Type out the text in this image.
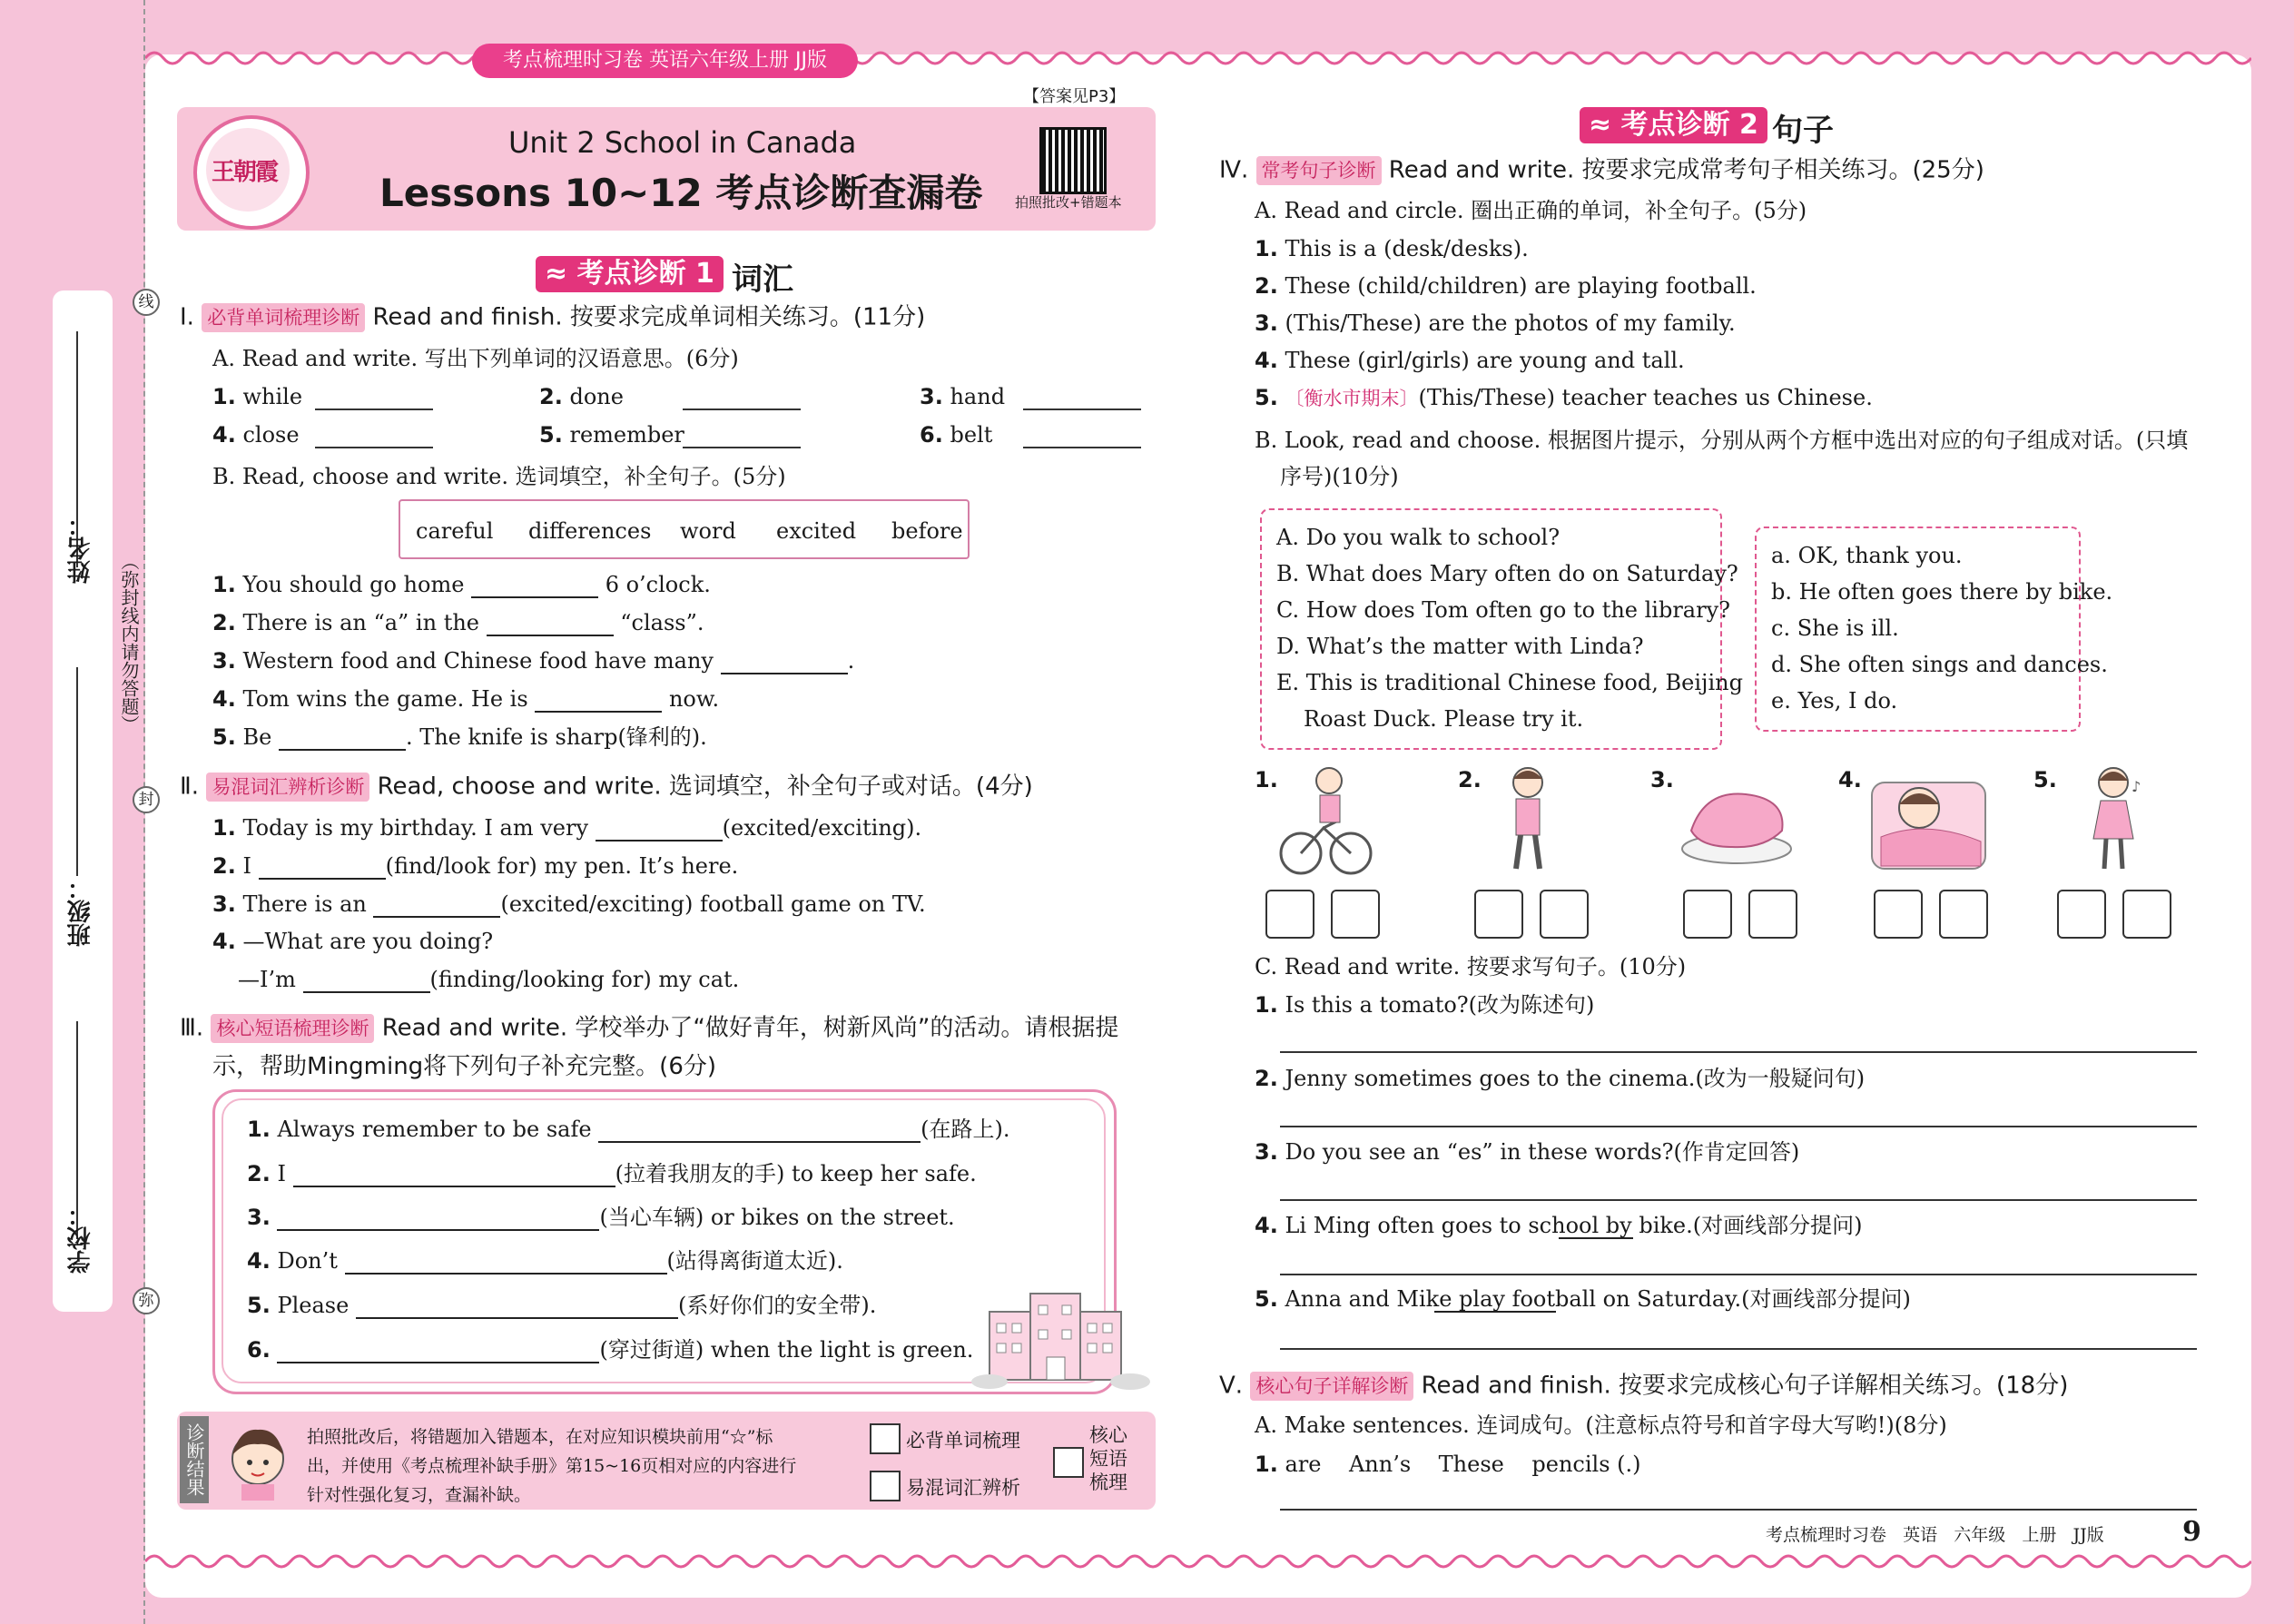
姓名：
班级：
学校：
（弥封线内请勿答题）
线
封
弥
考点梳理时习卷 英语六年级上册 JJ版
王朝霞
Unit 2 School in Canada
Lessons 10~12 考点诊断查漏卷
【答案见P3】
拍照批改+错题本
≈ 考点诊断 1 词汇
Ⅰ. 必背单词梳理诊断 Read and finish. 按要求完成单词相关练习。(11分)
A. Read and write. 写出下列单词的汉语意思。(6分)
1. while	2. done	3. hand
4. close	5. remember	6. belt
B. Read, choose and write. 选词填空，补全句子。(5分)
careful differences word excited before
1. You should go home	6 o’clock.
2. There is an “a” in the	“class”.
3. Western food and Chinese food have many	.
4. Tom wins the game. He is	now.
5. Be	. The knife is sharp(锋利的).
Ⅱ. 易混词汇辨析诊断 Read, choose and write. 选词填空，补全句子或对话。(4分)
1. Today is my birthday. I am very	(excited/exciting).
2. I	(find/look for) my pen. It’s here.
3. There is an	(excited/exciting) football game on TV.
4. —What are you doing?
—I’m	(finding/looking for) my cat.
Ⅲ. 核心短语梳理诊断 Read and write. 学校举办了“做好青年，树新风尚”的活动。请根据提
示，帮助Mingming将下列句子补充完整。(6分)
1. Always remember to be safe	(在路上).
2. I	(拉着我朋友的手) to keep her safe.
3.	(当心车辆) or bikes on the street.
4. Don’t	(站得离街道太近).
5. Please	(系好你们的安全带).
6.	(穿过街道) when the light is green.
诊断结果	拍照批改后，将错题加入错题本，在对应知识模块前用“☆”标
出，并使用《考点梳理补缺手册》第15~16页相对应的内容进行
针对性强化复习，查漏补缺。
必背单词梳理
易混词汇辨析
核心
短语
梳理
≈ 考点诊断 2 句子
Ⅳ. 常考句子诊断 Read and write. 按要求完成常考句子相关练习。(25分)
A. Read and circle. 圈出正确的单词，补全句子。(5分)
1. This is a (desk/desks).
2. These (child/children) are playing football.
3. (This/These) are the photos of my family.
4. These (girl/girls) are young and tall.
5. 〔衡水市期末〕(This/These) teacher teaches us Chinese.
B. Look, read and choose. 根据图片提示，分别从两个方框中选出对应的句子组成对话。(只填
序号)(10分)
A. Do you walk to school?
B. What does Mary often do on Saturday?
C. How does Tom often go to the library?
D. What’s the matter with Linda?
E. This is traditional Chinese food, Beijing
Roast Duck. Please try it.
a. OK, thank you.
b. He often goes there by bike.
c. She is ill.
d. She often sings and dances.
e. Yes, I do.
1.	2.	3.	4.	5.	♪
C. Read and write. 按要求写句子。(10分)
1. Is this a tomato?(改为陈述句)
2. Jenny sometimes goes to the cinema.(改为一般疑问句)
3. Do you see an “es” in these words?(作肯定回答)
4. Li Ming often goes to school by bike.(对画线部分提问)
5. Anna and Mike play football on Saturday.(对画线部分提问)
Ⅴ. 核心句子详解诊断 Read and finish. 按要求完成核心句子详解相关练习。(18分)
A. Make sentences. 连词成句。(注意标点符号和首字母大写哟!)(8分)
1. are    Ann’s    These    pencils (.)
考点梳理时习卷   英语   六年级   上册   JJ版	9
